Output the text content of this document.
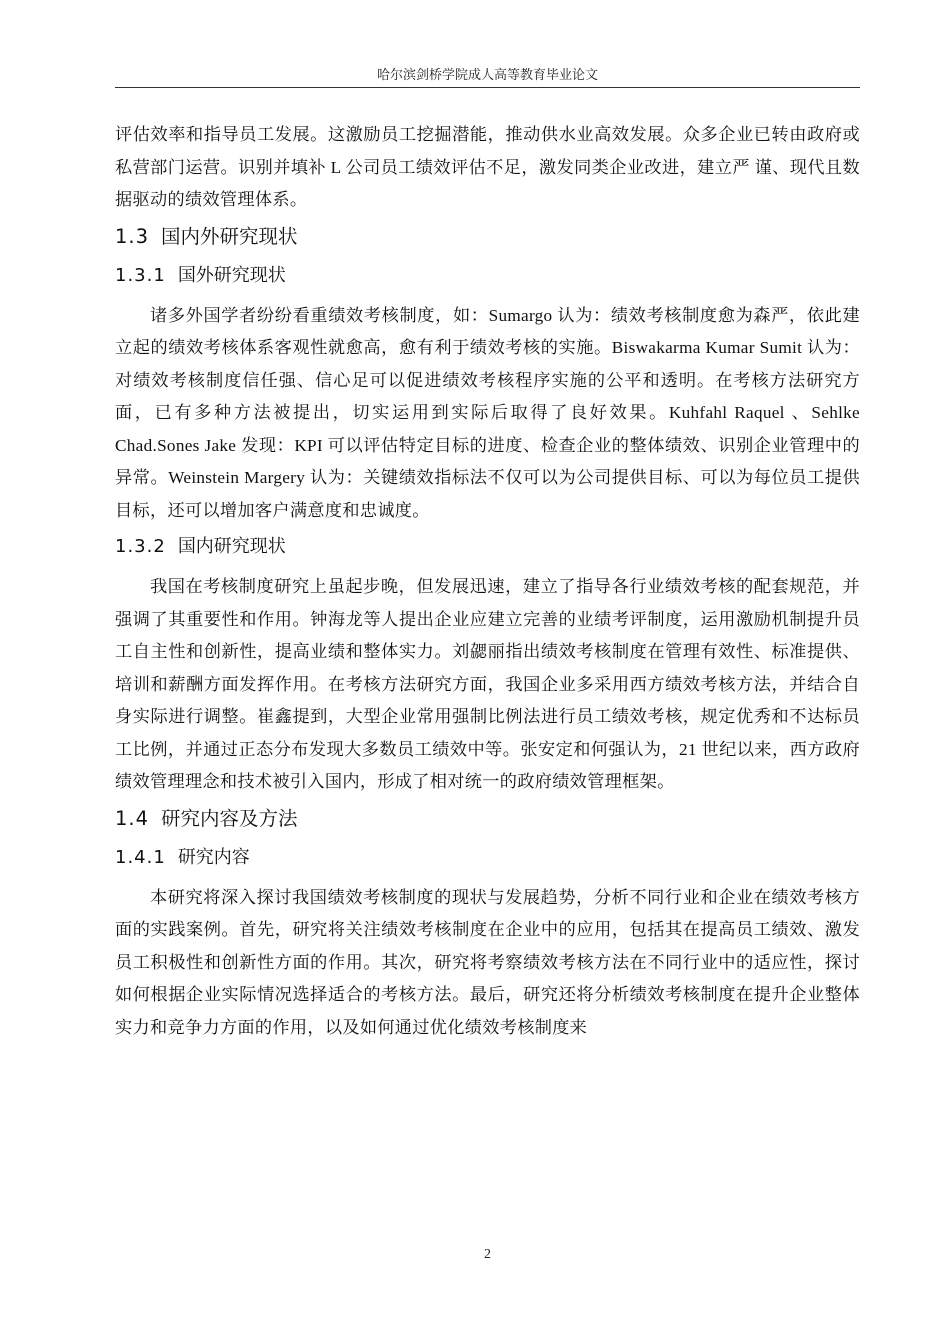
哈尔滨剑桥学院成人高等教育毕业论文

评估效率和指导员工发展。这激励员工挖掘潜能，推动供水业高效发展。众多企业已转由政府或私营部门运营。识别并填补 L 公司员工绩效评估不足，激发同类企业改进，建立严 谨、现代且数据驱动的绩效管理体系。

1.3 国内外研究现状
1.3.1 国外研究现状

诸多外国学者纷纷看重绩效考核制度，如：Sumargo 认为：绩效考核制度愈为森严，依此建立起的绩效考核体系客观性就愈高，愈有利于绩效考核的实施。Biswakarma Kumar Sumit 认为：对绩效考核制度信任强、信心足可以促进绩效考核程序实施的公平和透明。在考核方法研究方面，已有多种方法被提出，切实运用到实际后取得了良好效果。Kuhfahl Raquel 、Sehlke Chad.Sones Jake 发现：KPI 可以评估特定目标的进度、检查企业的整体绩效、识别企业管理中的异常。Weinstein Margery 认为：关键绩效指标法不仅可以为公司提供目标、可以为每位员工提供目标，还可以增加客户满意度和忠诚度。

1.3.2 国内研究现状

我国在考核制度研究上虽起步晚，但发展迅速，建立了指导各行业绩效考核的配套规范，并强调了其重要性和作用。钟海龙等人提出企业应建立完善的业绩考评制度，运用激励机制提升员工自主性和创新性，提高业绩和整体实力。刘勰丽指出绩效考核制度在管理有效性、标准提供、培训和薪酬方面发挥作用。在考核方法研究方面，我国企业多采用西方绩效考核方法，并结合自身实际进行调整。崔鑫提到，大型企业常用强制比例法进行员工绩效考核，规定优秀和不达标员工比例，并通过正态分布发现大多数员工绩效中等。张安定和何强认为，21 世纪以来，西方政府绩效管理理念和技术被引入国内，形成了相对统一的政府绩效管理框架。

1.4 研究内容及方法
1.4.1 研究内容

本研究将深入探讨我国绩效考核制度的现状与发展趋势，分析不同行业和企业在绩效考核方面的实践案例。首先，研究将关注绩效考核制度在企业中的应用，包括其在提高员工绩效、激发员工积极性和创新性方面的作用。其次，研究将考察绩效考核方法在不同行业中的适应性，探讨如何根据企业实际情况选择适合的考核方法。最后，研究还将分析绩效考核制度在提升企业整体实力和竞争力方面的作用，以及如何通过优化绩效考核制度来

2
